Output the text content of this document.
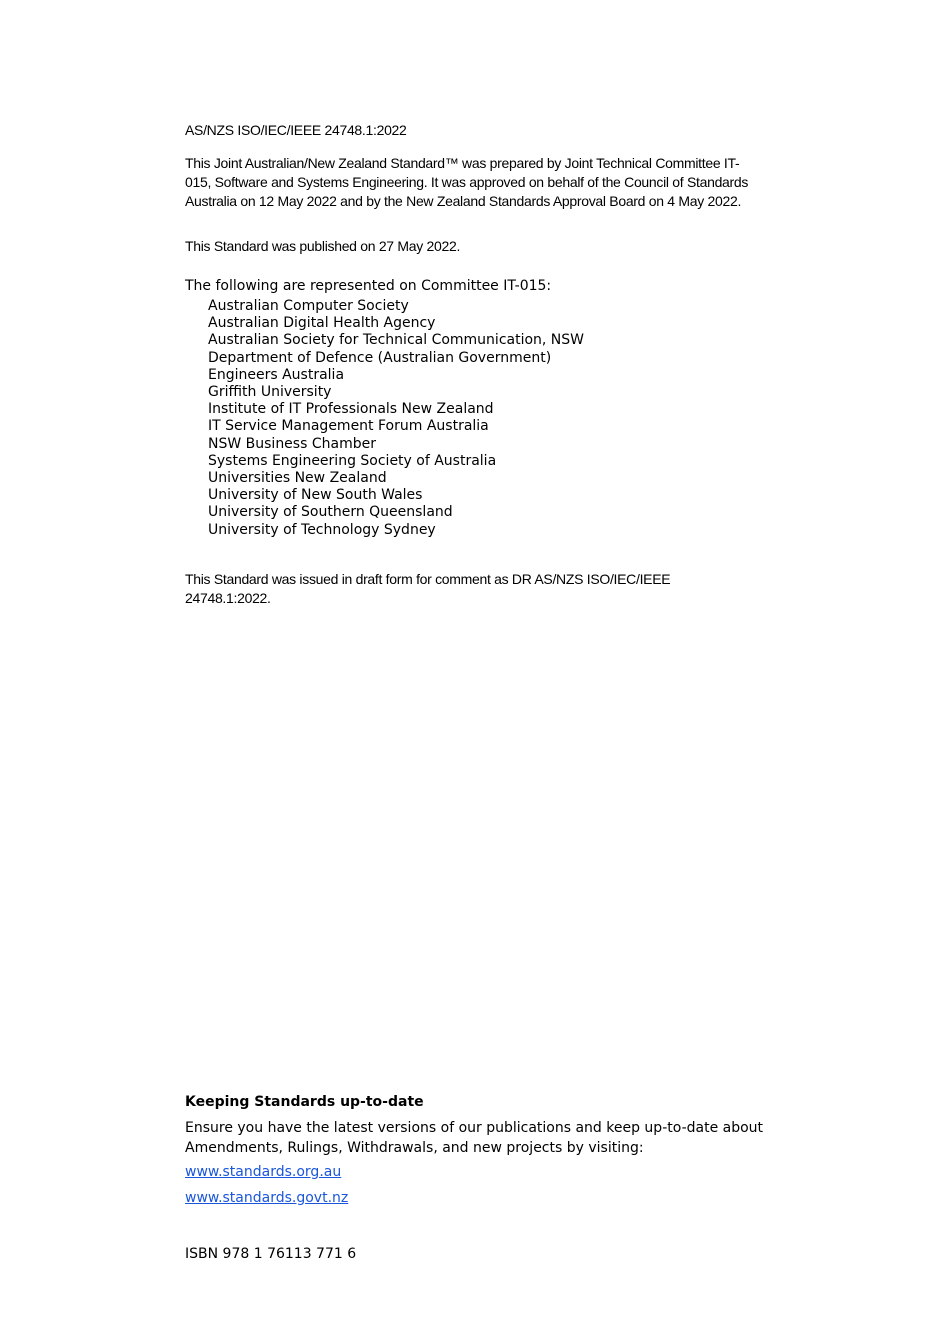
AS/NZS ISO/IEC/IEEE 24748.1:2022

This Joint Australian/New Zealand Standard™ was prepared by Joint Technical Committee IT-015, Software and Systems Engineering. It was approved on behalf of the Council of Standards Australia on 12 May 2022 and by the New Zealand Standards Approval Board on 4 May 2022.

This Standard was published on 27 May 2022.

The following are represented on Committee IT-015:

Australian Computer Society
Australian Digital Health Agency
Australian Society for Technical Communication, NSW
Department of Defence (Australian Government)
Engineers Australia
Griffith University
Institute of IT Professionals New Zealand
IT Service Management Forum Australia
NSW Business Chamber
Systems Engineering Society of Australia
Universities New Zealand
University of New South Wales
University of Southern Queensland
University of Technology Sydney

This Standard was issued in draft form for comment as DR AS/NZS ISO/IEC/IEEE 24748.1:2022.

Keeping Standards up-to-date

Ensure you have the latest versions of our publications and keep up-to-date about Amendments, Rulings, Withdrawals, and new projects by visiting:

www.standards.org.au
www.standards.govt.nz

ISBN 978 1 76113 771 6
